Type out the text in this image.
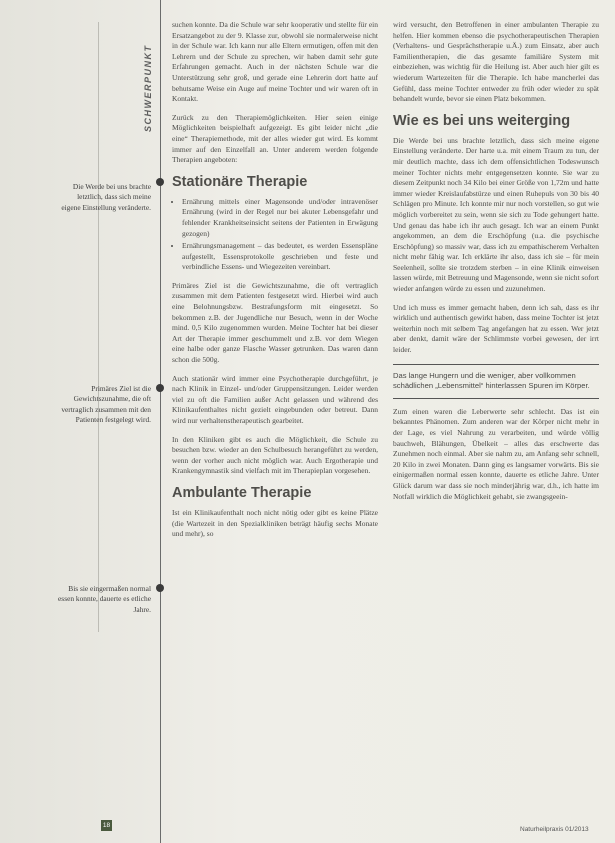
SCHWERPUNKT
Die Werde bei uns brachte letztlich, dass sich meine eigene Einstellung veränderte.
Primäres Ziel ist die Gewichtszunahme, die oft vertraglich zusammen mit den Patienten festgelegt wird.
Bis sie eingermaßen normal essen konnte, dauerte es etliche Jahre.

suchen konnte. Da die Schule war sehr kooperativ und stellte für ein Ersatzangebot zu der 9. Klasse zur, obwohl sie normalerweise nicht in der Schule war. Ich kann nur alle Eltern ermutigen, offen mit den Lehrern und der Schule zu sprechen, wir haben damit sehr gute Erfahrungen gemacht. Auch in der nächsten Schule war die Unterstützung sehr groß, und gerade eine Lehrerin dort hatte auf behutsame Weise ein Auge auf meine Tochter und wir waren oft in Kontakt.

Zurück zu den Therapiemöglichkeiten. Hier seien einige Möglichkeiten beispielhaft aufgezeigt. Es gibt leider nicht „die eine“ Therapiemethode, mit der alles wieder gut wird. Es kommt immer auf den Einzelfall an. Unter anderem werden folgende Therapien angeboten:

Stationäre Therapie
• Ernährung mittels einer Magensonde und/oder intravenöser Ernährung (wird in der Regel nur bei akuter Lebensgefahr und fehlender Krankheitseinsicht seitens der Patienten in Erwägung gezogen)
• Ernährungsmanagement – das bedeutet, es werden Essenspläne aufgestellt, Essensprotokolle geschrieben und feste und verbindliche Essens- und Wiegezeiten vereinbart.

Primäres Ziel ist die Gewichtszunahme, die oft vertraglich zusammen mit dem Patienten festgesetzt wird. Hierbei wird auch eine Belohnungsbzw. Bestrafungsform mit eingesetzt. So bekommen z.B. der Jugendliche nur Besuch, wenn in der Woche mind. 0,5 Kilo zugenommen wurden. Meine Tochter hat bei dieser Art der Therapie immer geschummelt und z.B. vor dem Wiegen eine halbe oder ganze Flasche Wasser getrunken. Das waren dann schon die 500g.

Auch stationär wird immer eine Psychotherapie durchgeführt, je nach Klinik in Einzel- und/oder Gruppensitzungen. Leider werden viel zu oft die Familien außer Acht gelassen und während des Klinikaufenthaltes nicht gezielt eingebunden oder betreut. Dann wird nur verhaltenstherapeutisch gearbeitet.

In den Kliniken gibt es auch die Möglichkeit, die Schule zu besuchen bzw. wieder an den Schulbesuch herangeführt zu werden, wenn der vorher auch nicht möglich war. Auch Ergotherapie und Krankengymnastik sind vielfach mit im Therapieplan vorgesehen.

Ambulante Therapie

Ist ein Klinikaufenthalt noch nicht nötig oder gibt es keine Plätze (die Wartezeit in den Spezialkliniken beträgt häufig sechs Monate und mehr), so

wird versucht, den Betroffenen in einer ambulanten Therapie zu helfen. Hier kommen ebenso die psychotherapeutischen Therapien (Verhaltens- und Gesprächstherapie u.Ä.) zum Einsatz, aber auch Familientherapien, die das gesamte familiäre System mit einbeziehen, was wichtig für die Heilung ist. Aber auch hier gilt es wiederum Wartezeiten für die Therapie. Ich habe mancherlei das Gefühl, dass meine Tochter entweder zu früh oder wieder zu spät behandelt wurde, bevor sie einen Platz bekommen.

Wie es bei uns weiterging

Die Werde bei uns brachte letztlich, dass sich meine eigene Einstellung veränderte. Der harte u.a. mit einem Traum zu tun, der mir deutlich machte, dass ich dem offensichtlichen Todeswunsch meiner Tochter nichts mehr entgegensetzen konnte. Sie war zu diesem Zeitpunkt noch 34 Kilo bei einer Größe von 1,72m und hatte immer wieder Kreislaufabstürze und einen Ruhepuls von 30 bis 40 Schlägen pro Minute. Ich konnte mir nur noch vorstellen, so gut wie möglich vorbereitet zu sein, wenn sie sich zu Tode gehungert hatte. Und genau das habe ich ihr auch gesagt. Ich war an einem Punkt angekommen, an dem die Erschöpfung (u.a. die psychische Erschöpfung) so massiv war, dass ich zu empathischerem Verhalten nicht mehr fähig war. Ich erklärte ihr also, dass ich sie – für mein Seelenheil, sollte sie trotzdem sterben – in eine Klinik einweisen lassen würde, mit Betreuung und Magensonde, wenn sie nicht sofort wieder anfangen würde zu essen und zuzunehmen.

Und ich muss es immer gemacht haben, denn ich sah, dass es ihr wirklich und authentisch gewirkt haben, dass meine Tochter ist jetzt weiterhin noch mit selbem Tag angefangen hat zu essen. Wer jetzt aber denkt, damit wäre der Schlimmste vorbei gewesen, der irrt leider.

Das lange Hungern und die weniger, aber vollkommen schädlichen „Lebensmittel“ hinterlassen Spuren im Körper.

Zum einen waren die Leberwerte sehr schlecht. Das ist ein bekanntes Phänomen. Zum anderen war der Körper nicht mehr in der Lage, es viel Nahrung zu verarbeiten, und würde völlig bauchweh, Blähungen, Übelkeit – alles das erschwerte das Zunehmen noch einmal. Aber sie nahm zu, am Anfang sehr schnell, 20 Kilo in zwei Monaten. Dann ging es langsamer vorwärts. Bis sie einigermaßen normal essen konnte, dauerte es etliche Jahre. Unter Glück darum war dass sie noch minderjährig war, d.h., ich hatte im Notfall wirklich die Möglichkeit gehabt, sie zwangsgeein-

18
Naturheilpraxis 01/2013
